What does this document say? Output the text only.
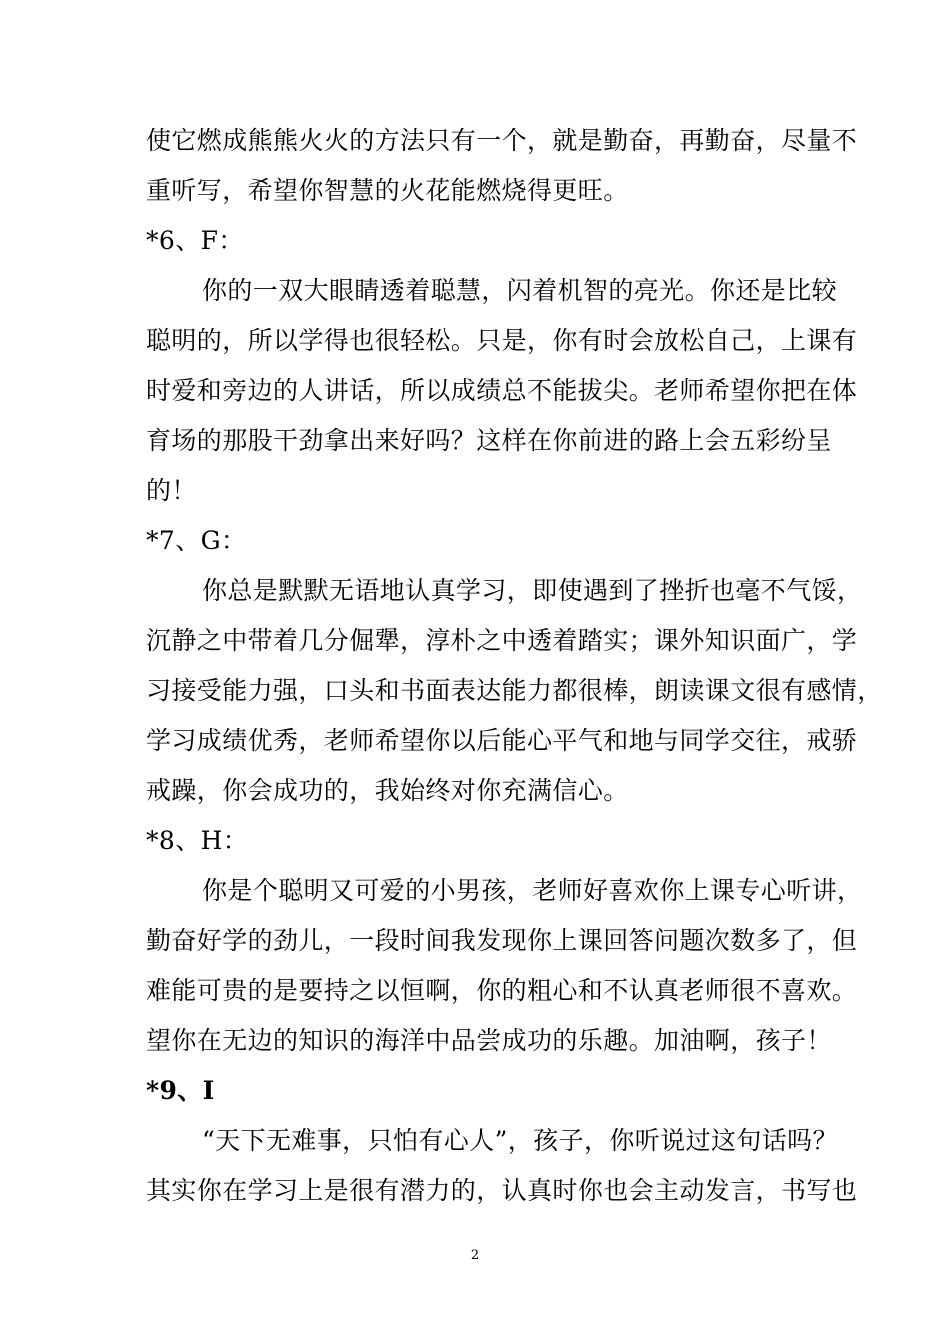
使它燃成熊熊火火的方法只有一个，就是勤奋，再勤奋，尽量不
重听写，希望你智慧的火花能燃烧得更旺。
*6、F：
你的一双大眼睛透着聪慧，闪着机智的亮光。你还是比较
聪明的，所以学得也很轻松。只是，你有时会放松自己，上课有
时爱和旁边的人讲话，所以成绩总不能拔尖。老师希望你把在体
育场的那股干劲拿出来好吗？这样在你前进的路上会五彩纷呈
的！
*7、G：
你总是默默无语地认真学习，即使遇到了挫折也毫不气馁，
沉静之中带着几分倔犟，淳朴之中透着踏实；课外知识面广，学
习接受能力强，口头和书面表达能力都很棒，朗读课文很有感情，
学习成绩优秀，老师希望你以后能心平气和地与同学交往，戒骄
戒躁，你会成功的，我始终对你充满信心。
*8、H：
你是个聪明又可爱的小男孩，老师好喜欢你上课专心听讲，
勤奋好学的劲儿，一段时间我发现你上课回答问题次数多了，但
难能可贵的是要持之以恒啊，你的粗心和不认真老师很不喜欢。
望你在无边的知识的海洋中品尝成功的乐趣。加油啊，孩子！
*9、I
“天下无难事，只怕有心人”，孩子，你听说过这句话吗？
其实你在学习上是很有潜力的，认真时你也会主动发言，书写也
2
